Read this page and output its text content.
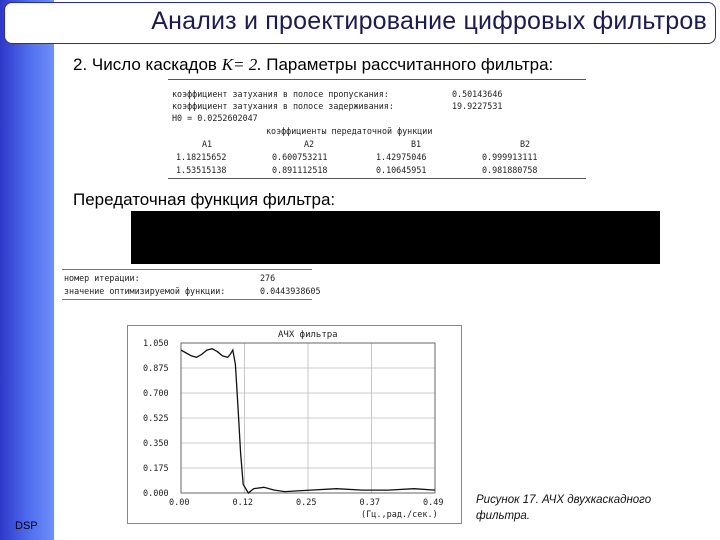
DSP
Анализ и проектирование цифровых фильтров
2. Число каскадов K= 2. Параметры рассчитанного фильтра:
коэффициент затухания в полосе пропускания:	0.50143646
коэффициент затухания в полосе задерживания:	19.9227531
H0 = 0.0252602047
коэффициенты передаточной функции
A1	A2	B1	B2
1.18215652	0.600753211	1.42975046	0.999913111
1.53515138	0.891112518	0.10645951	0.981880758
Передаточная функция фильтра:
номер итерации:	276
значение оптимизируемой функции:	0.0443938605
АЧХ фильтра
0.00	0.12	0.25	0.37	0.49
1.050
0.875
0.700
0.525
0.350
0.175
0.000
(Гц.,рад./сек.)
Рисунок 17. АЧХ двухкаскадного
фильтра.
